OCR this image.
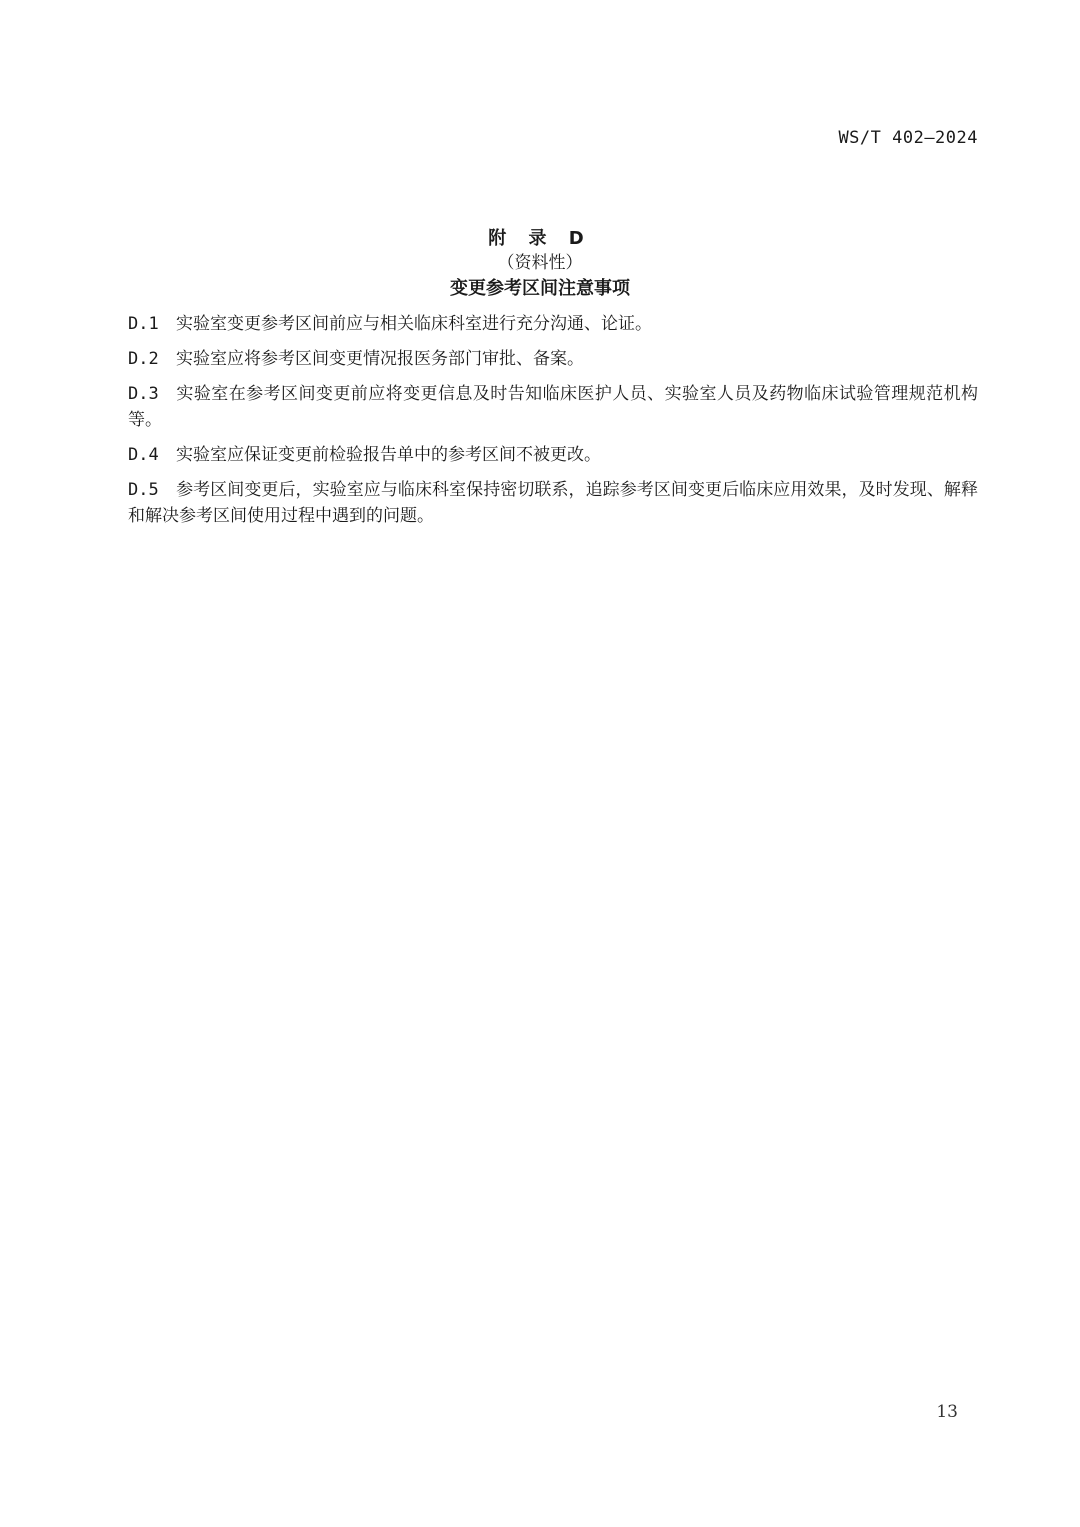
WS/T 402—2024
附 录 D
（资料性）
变更参考区间注意事项
D.1 实验室变更参考区间前应与相关临床科室进行充分沟通、论证。
D.2 实验室应将参考区间变更情况报医务部门审批、备案。
D.3 实验室在参考区间变更前应将变更信息及时告知临床医护人员、实验室人员及药物临床试验管理规范机构等。
D.4 实验室应保证变更前检验报告单中的参考区间不被更改。
D.5 参考区间变更后，实验室应与临床科室保持密切联系，追踪参考区间变更后临床应用效果，及时发现、解释和解决参考区间使用过程中遇到的问题。
13
